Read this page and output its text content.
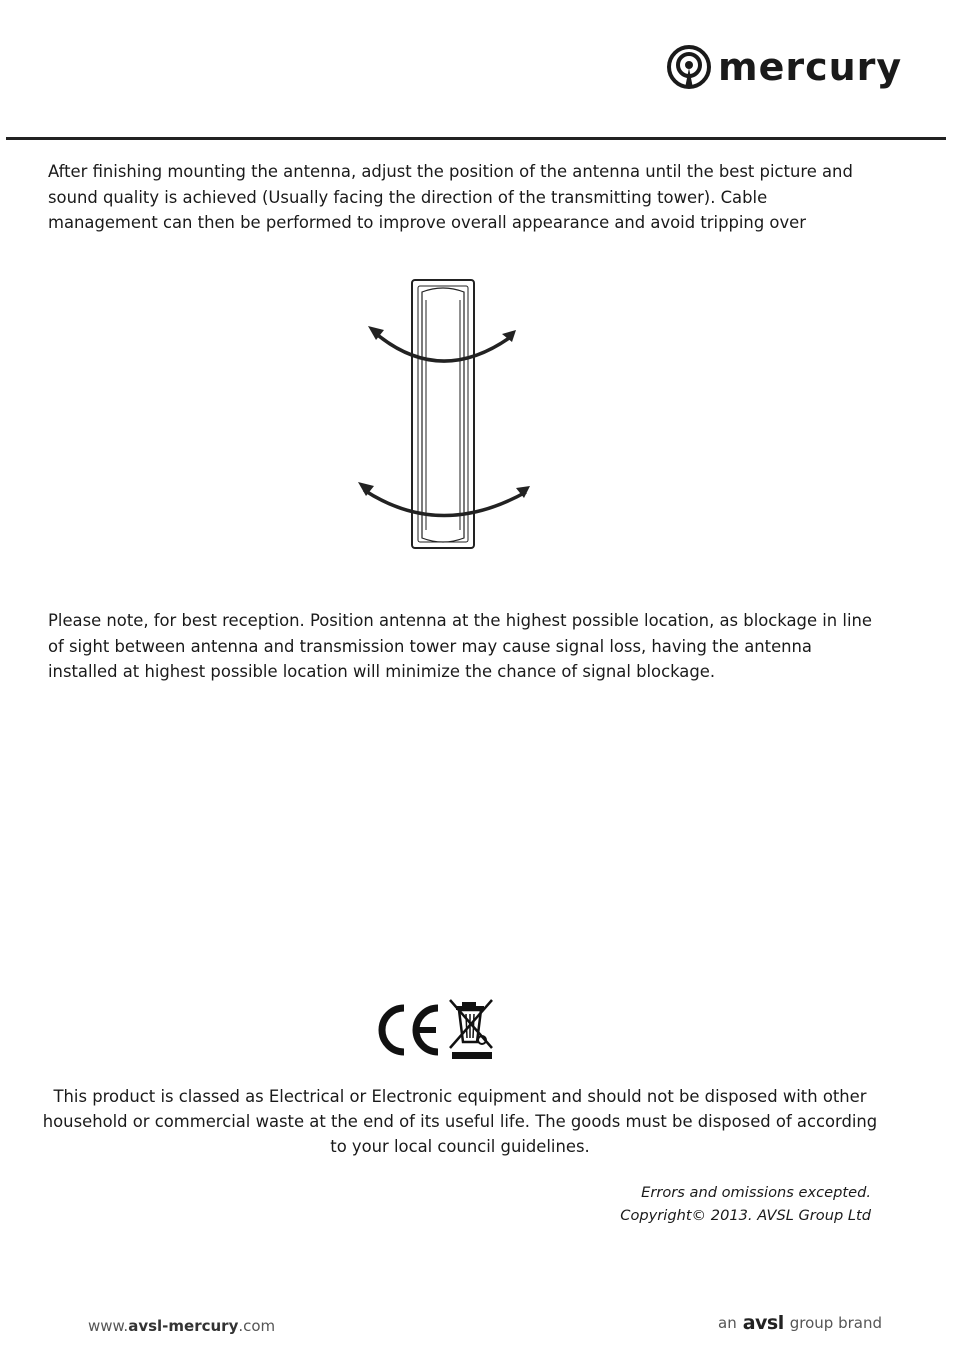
mercury

After finishing mounting the antenna, adjust the position of the antenna until the best picture and sound quality is achieved (Usually facing the direction of the transmitting tower). Cable management can then be performed to improve overall appearance and avoid tripping over

Please note, for best reception. Position antenna at the highest possible location, as blockage in line of sight between antenna and transmission tower may cause signal loss, having the antenna installed at highest possible location will minimize the chance of signal blockage.

This product is classed as Electrical or Electronic equipment and should not be disposed with other
household or commercial waste at the end of its useful life. The goods must be disposed of according
to your local council guidelines.

Errors and omissions excepted.
Copyright© 2013. AVSL Group Ltd
www.avsl-mercury.com	an avsl group brand
